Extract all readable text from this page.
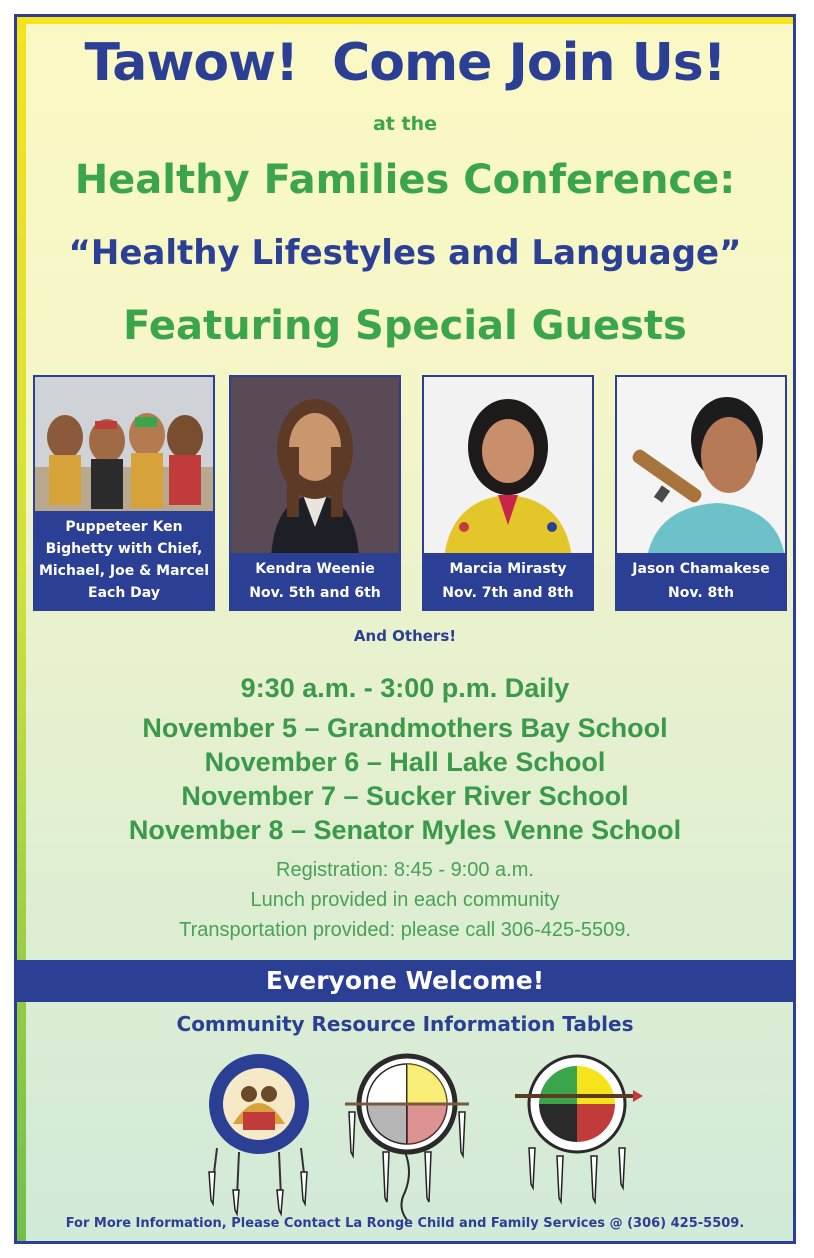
Tawow!  Come Join Us!
at the
Healthy Families Conference:
“Healthy Lifestyles and Language”
Featuring Special Guests
Puppeteer Ken
Bighetty with Chief,
Michael, Joe & Marcel
Each Day
Kendra Weenie
Nov. 5th and 6th
Marcia Mirasty
Nov. 7th and 8th
Jason Chamakese
Nov. 8th
And Others!
9:30 a.m. - 3:00 p.m. Daily
November 5 – Grandmothers Bay School
November 6 – Hall Lake School
November 7 – Sucker River School
November 8 – Senator Myles Venne School
Registration: 8:45 - 9:00 a.m.
Lunch provided in each community
Transportation provided: please call 306-425-5509.
Everyone Welcome!
Community Resource Information Tables
For More Information, Please Contact La Ronge Child and Family Services @ (306) 425-5509.
